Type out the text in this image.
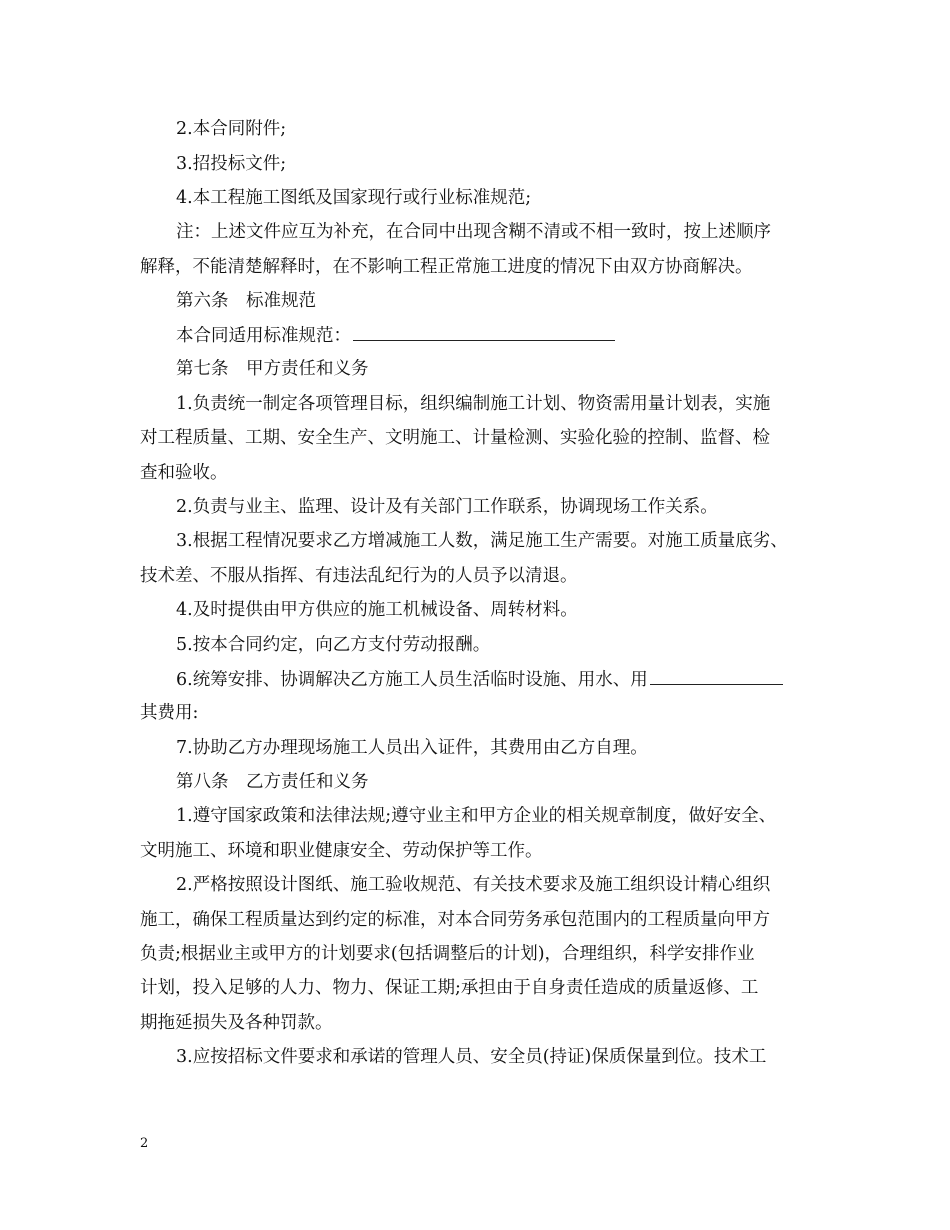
2.本合同附件;
3.招投标文件;
4.本工程施工图纸及国家现行或行业标准规范;
注：上述文件应互为补充，在合同中出现含糊不清或不相一致时，按上述顺序
解释，不能清楚解释时，在不影响工程正常施工进度的情况下由双方协商解决。
第六条　标准规范
本合同适用标准规范：
第七条　甲方责任和义务
1.负责统一制定各项管理目标，组织编制施工计划、物资需用量计划表，实施
对工程质量、工期、安全生产、文明施工、计量检测、实验化验的控制、监督、检
查和验收。
2.负责与业主、监理、设计及有关部门工作联系，协调现场工作关系。
3.根据工程情况要求乙方增减施工人数，满足施工生产需要。对施工质量底劣、
技术差、不服从指挥、有违法乱纪行为的人员予以清退。
4.及时提供由甲方供应的施工机械设备、周转材料。
5.按本合同约定，向乙方支付劳动报酬。
6.统筹安排、协调解决乙方施工人员生活临时设施、用水、用
其费用:
7.协助乙方办理现场施工人员出入证件，其费用由乙方自理。
第八条　乙方责任和义务
1.遵守国家政策和法律法规;遵守业主和甲方企业的相关规章制度，做好安全、
文明施工、环境和职业健康安全、劳动保护等工作。
2.严格按照设计图纸、施工验收规范、有关技术要求及施工组织设计精心组织
施工，确保工程质量达到约定的标准，对本合同劳务承包范围内的工程质量向甲方
负责;根据业主或甲方的计划要求(包括调整后的计划)，合理组织，科学安排作业
计划，投入足够的人力、物力、保证工期;承担由于自身责任造成的质量返修、工
期拖延损失及各种罚款。
3.应按招标文件要求和承诺的管理人员、安全员(持证)保质保量到位。技术工
2
